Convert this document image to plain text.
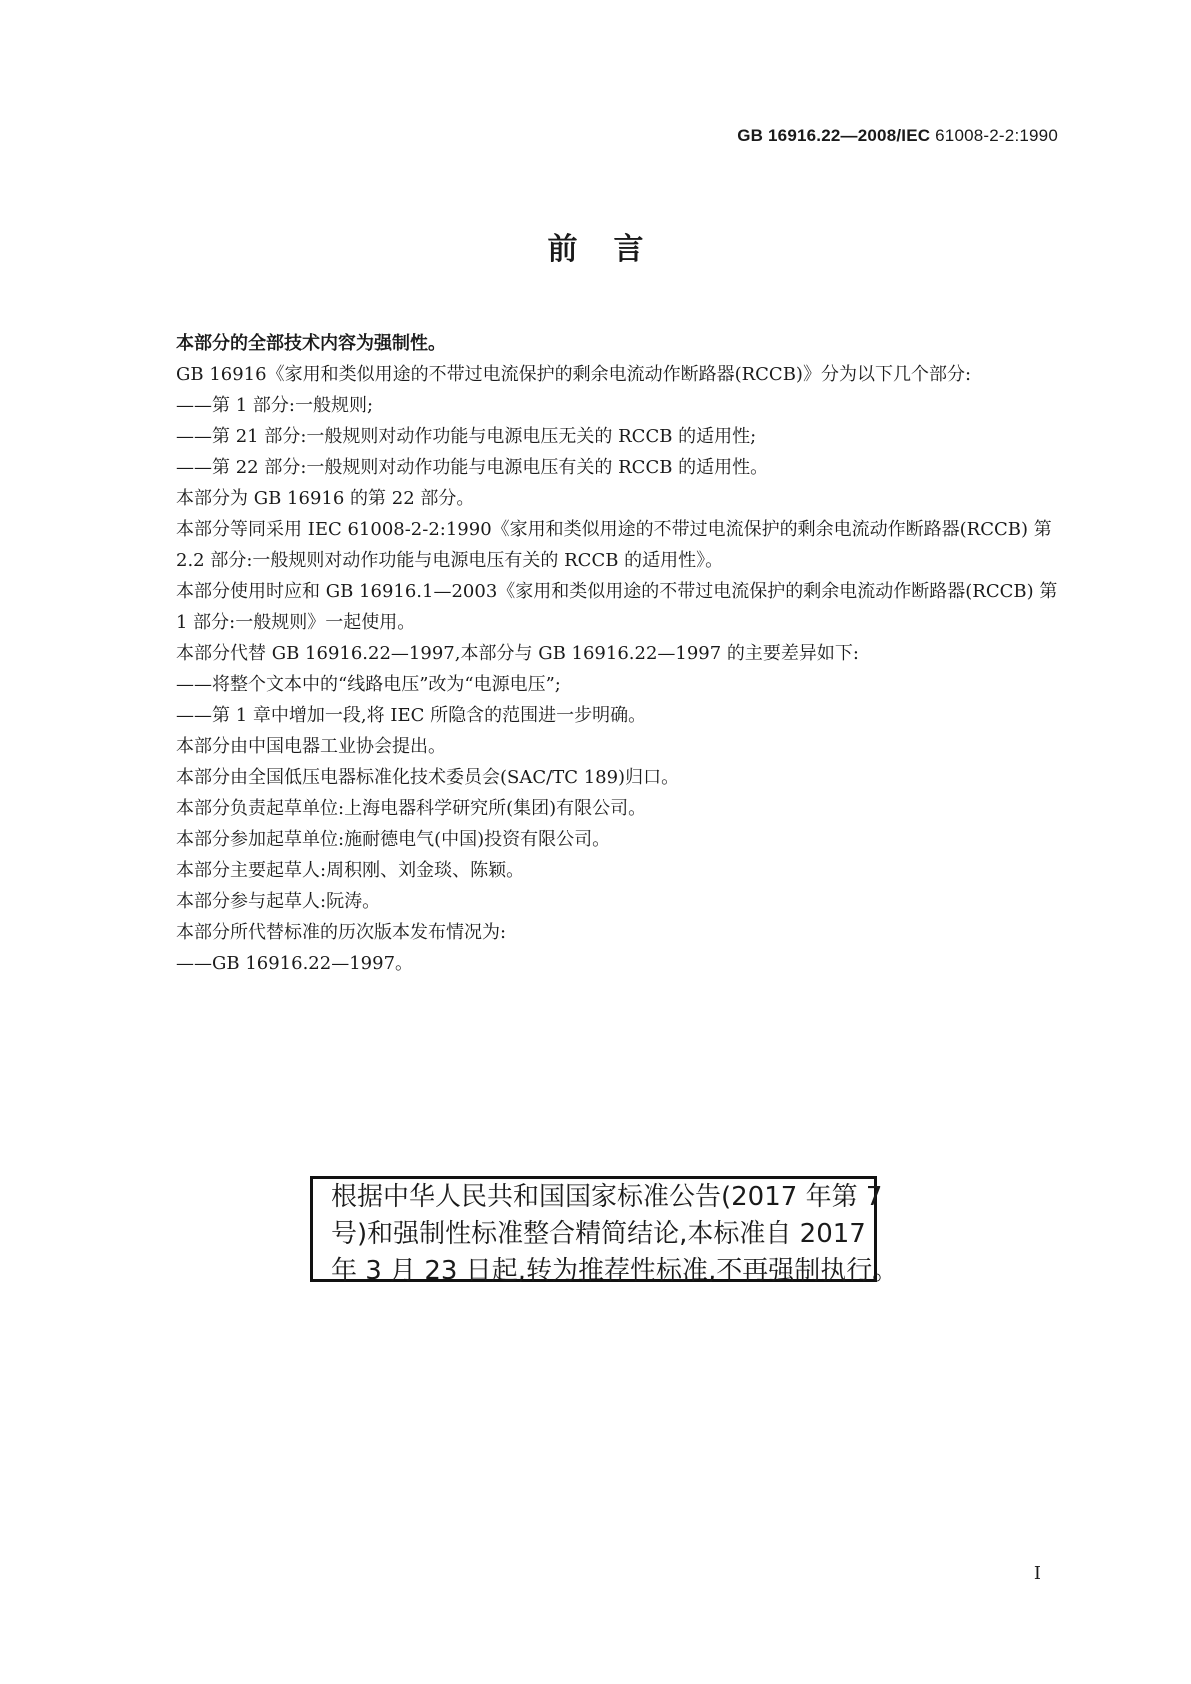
GB 16916.22—2008/IEC 61008-2-2:1990
前言
本部分的全部技术内容为强制性。
GB 16916《家用和类似用途的不带过电流保护的剩余电流动作断路器(RCCB)》分为以下几个部分:
——第 1 部分:一般规则;
——第 21 部分:一般规则对动作功能与电源电压无关的 RCCB 的适用性;
——第 22 部分:一般规则对动作功能与电源电压有关的 RCCB 的适用性。
本部分为 GB 16916 的第 22 部分。
本部分等同采用 IEC 61008-2-2:1990《家用和类似用途的不带过电流保护的剩余电流动作断路器(RCCB) 第 2.2 部分:一般规则对动作功能与电源电压有关的 RCCB 的适用性》。
本部分使用时应和 GB 16916.1—2003《家用和类似用途的不带过电流保护的剩余电流动作断路器(RCCB) 第 1 部分:一般规则》一起使用。
本部分代替 GB 16916.22—1997,本部分与 GB 16916.22—1997 的主要差异如下:
——将整个文本中的“线路电压”改为“电源电压”;
——第 1 章中增加一段,将 IEC 所隐含的范围进一步明确。
本部分由中国电器工业协会提出。
本部分由全国低压电器标准化技术委员会(SAC/TC 189)归口。
本部分负责起草单位:上海电器科学研究所(集团)有限公司。
本部分参加起草单位:施耐德电气(中国)投资有限公司。
本部分主要起草人:周积刚、刘金琰、陈颖。
本部分参与起草人:阮涛。
本部分所代替标准的历次版本发布情况为:
——GB 16916.22—1997。
根据中华人民共和国国家标准公告(2017 年第 7
号)和强制性标准整合精简结论,本标准自 2017
年 3 月 23 日起,转为推荐性标准,不再强制执行。
I
